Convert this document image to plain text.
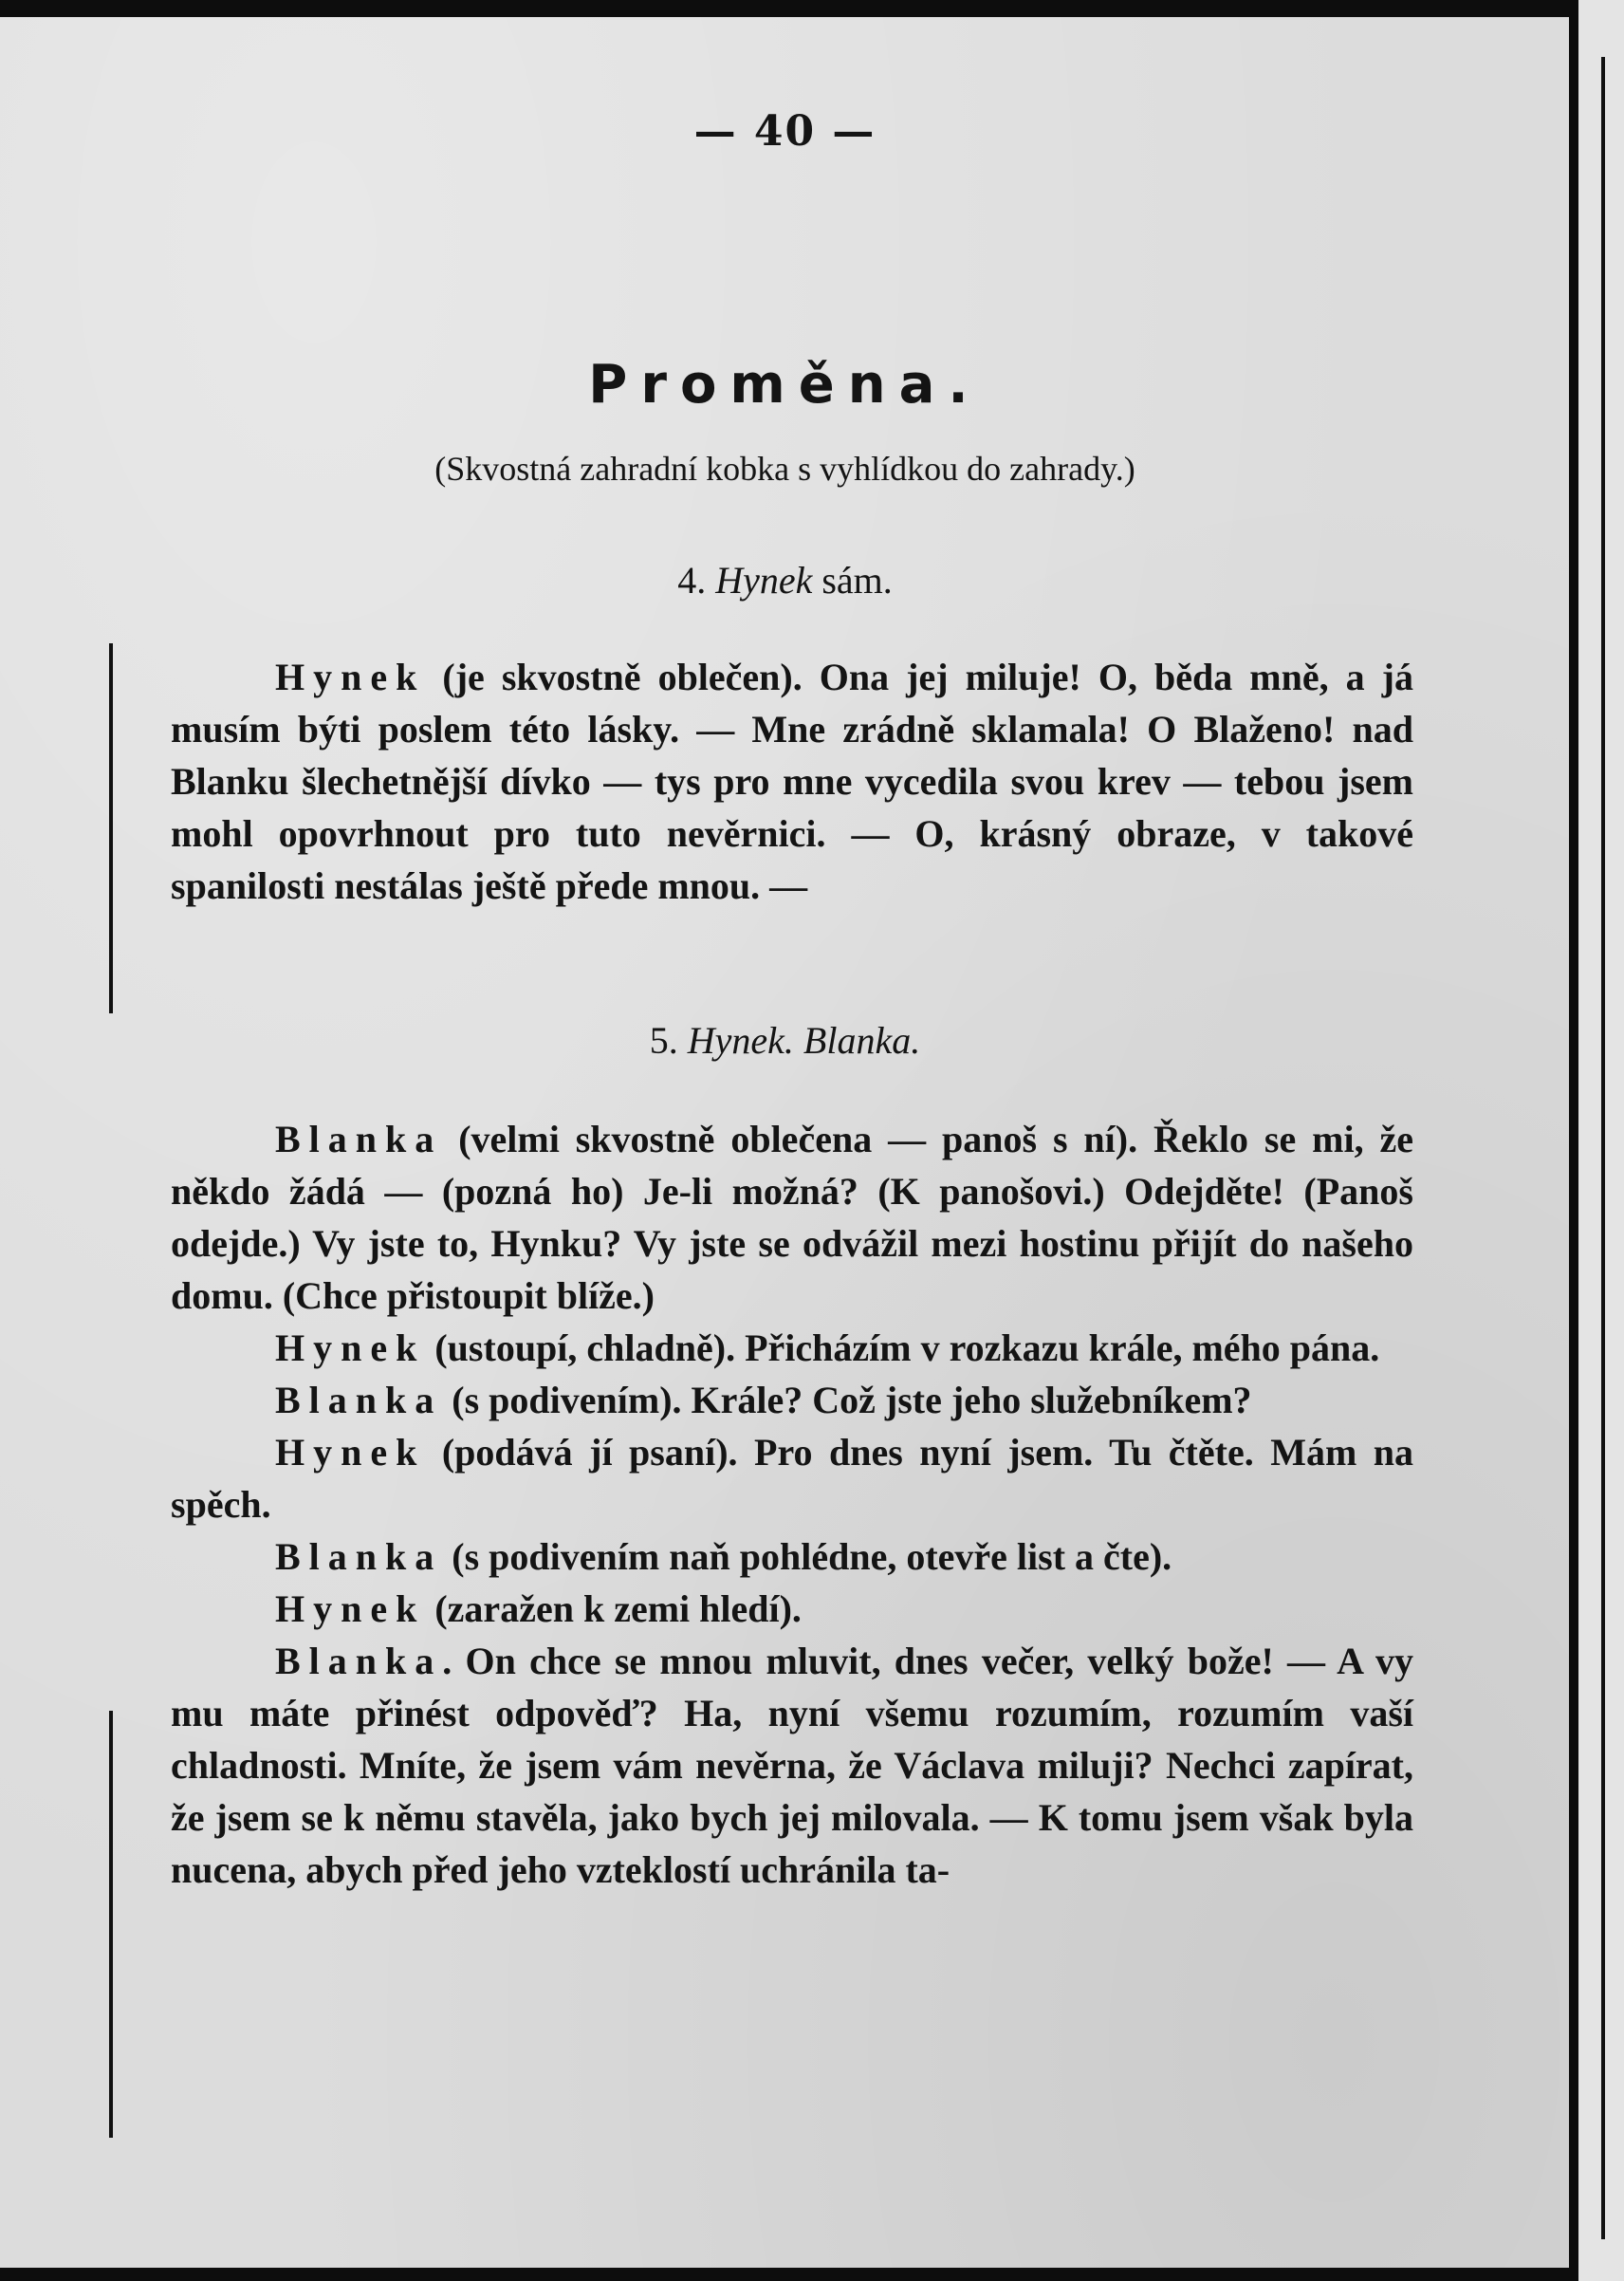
— 40 —
Proměna.
(Skvostná zahradní kobka s vyhlídkou do zahrady.)
4. Hynek sám.

Hynek (je skvostně oblečen). Ona jej miluje! O, běda mně, a já musím býti poslem této lásky. — Mne zrádně sklamala! O Blaženo! nad Blanku šlechetnější dívko — tys pro mne vycedila svou krev — tebou jsem mohl opovrhnout pro tuto nevěrnici. — O, krásný obraze, v takové spanilosti nestálas ještě přede mnou. —

5. Hynek. Blanka.

Blanka (velmi skvostně oblečena — panoš s ní). Řeklo se mi, že někdo žádá — (pozná ho) Je-li možná? (K panošovi.) Odejděte! (Panoš odejde.) Vy jste to, Hynku? Vy jste se odvážil mezi hostinu přijít do našeho domu. (Chce přistoupit blíže.)

Hynek (ustoupí, chladně). Přicházím v rozkazu krále, mého pána.

Blanka (s podivením). Krále? Což jste jeho služebníkem?

Hynek (podává jí psaní). Pro dnes nyní jsem. Tu čtěte. Mám na spěch.

Blanka (s podivením naň pohlédne, otevře list a čte).

Hynek (zaražen k zemi hledí).

Blanka. On chce se mnou mluvit, dnes večer, velký bože! — A vy mu máte přinést odpověď? Ha, nyní všemu rozumím, rozumím vaší chladnosti. Mníte, že jsem vám nevěrna, že Václava miluji? Nechci zapírat, že jsem se k němu stavěla, jako bych jej milovala. — K tomu jsem však byla nucena, abych před jeho vzteklostí uchránila ta-
